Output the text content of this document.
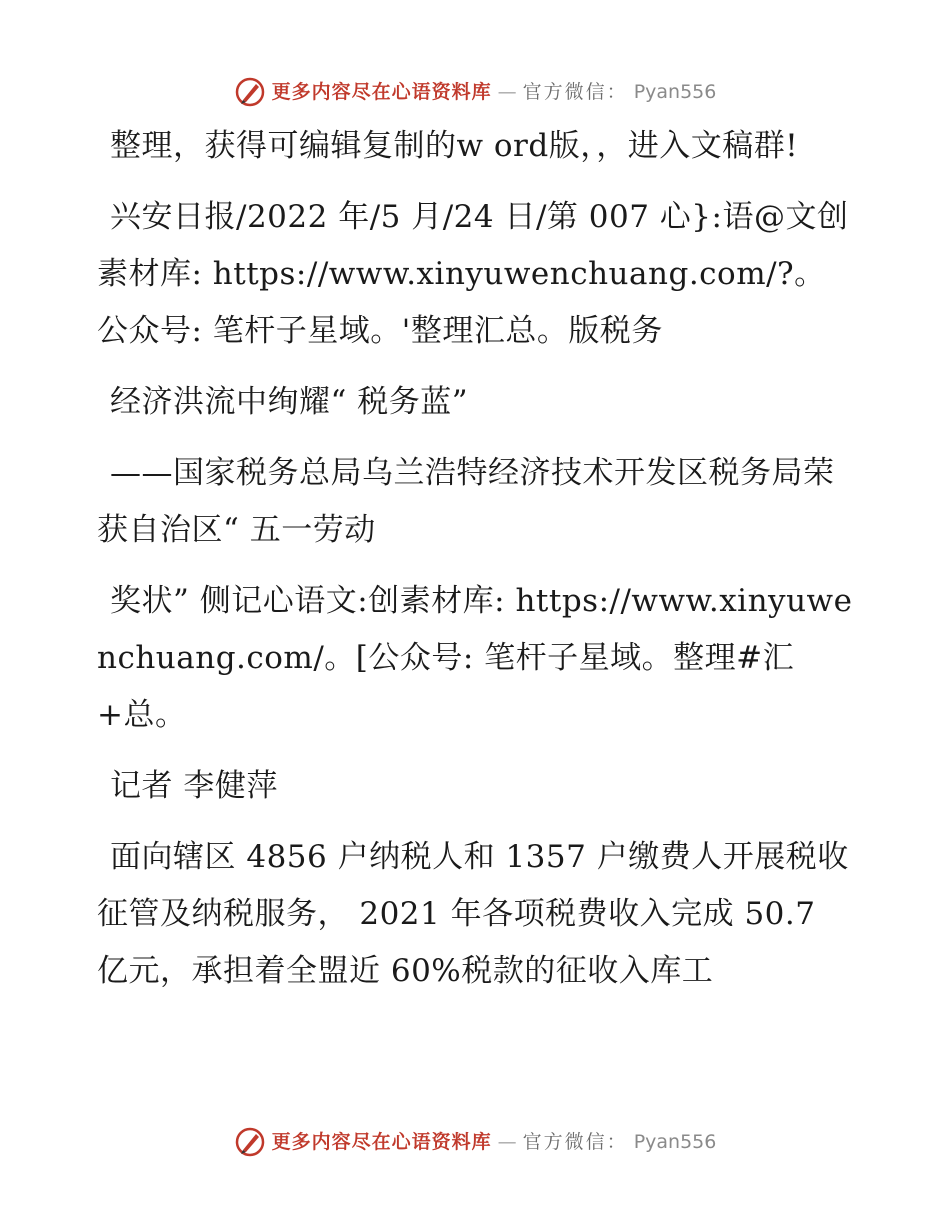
更多内容尽在心语资料库 — 官方微信： Pyan556

整理，获得可编辑复制的w ord版，，进入文稿群!

兴安日报/2022 年/5 月/24 日/第 007 心}:语@文创素材库: https://www.xinyuwenchuang.com/?。公众号: 笔杆子星域。'整理汇总。版税务

经济洪流中绚耀“ 税务蓝”

——国家税务总局乌兰浩特经济技术开发区税务局荣获自治区“ 五一劳动

奖状” 侧记心语文:创素材库: https://www.xinyuwenchuang.com/。[公众号: 笔杆子星域。整理#汇+总。

记者 李健萍

面向辖区 4856 户纳税人和 1357 户缴费人开展税收征管及纳税服务， 2021 年各项税费收入完成 50.7 亿元，承担着全盟近 60%税款的征收入库工

更多内容尽在心语资料库 — 官方微信： Pyan556
